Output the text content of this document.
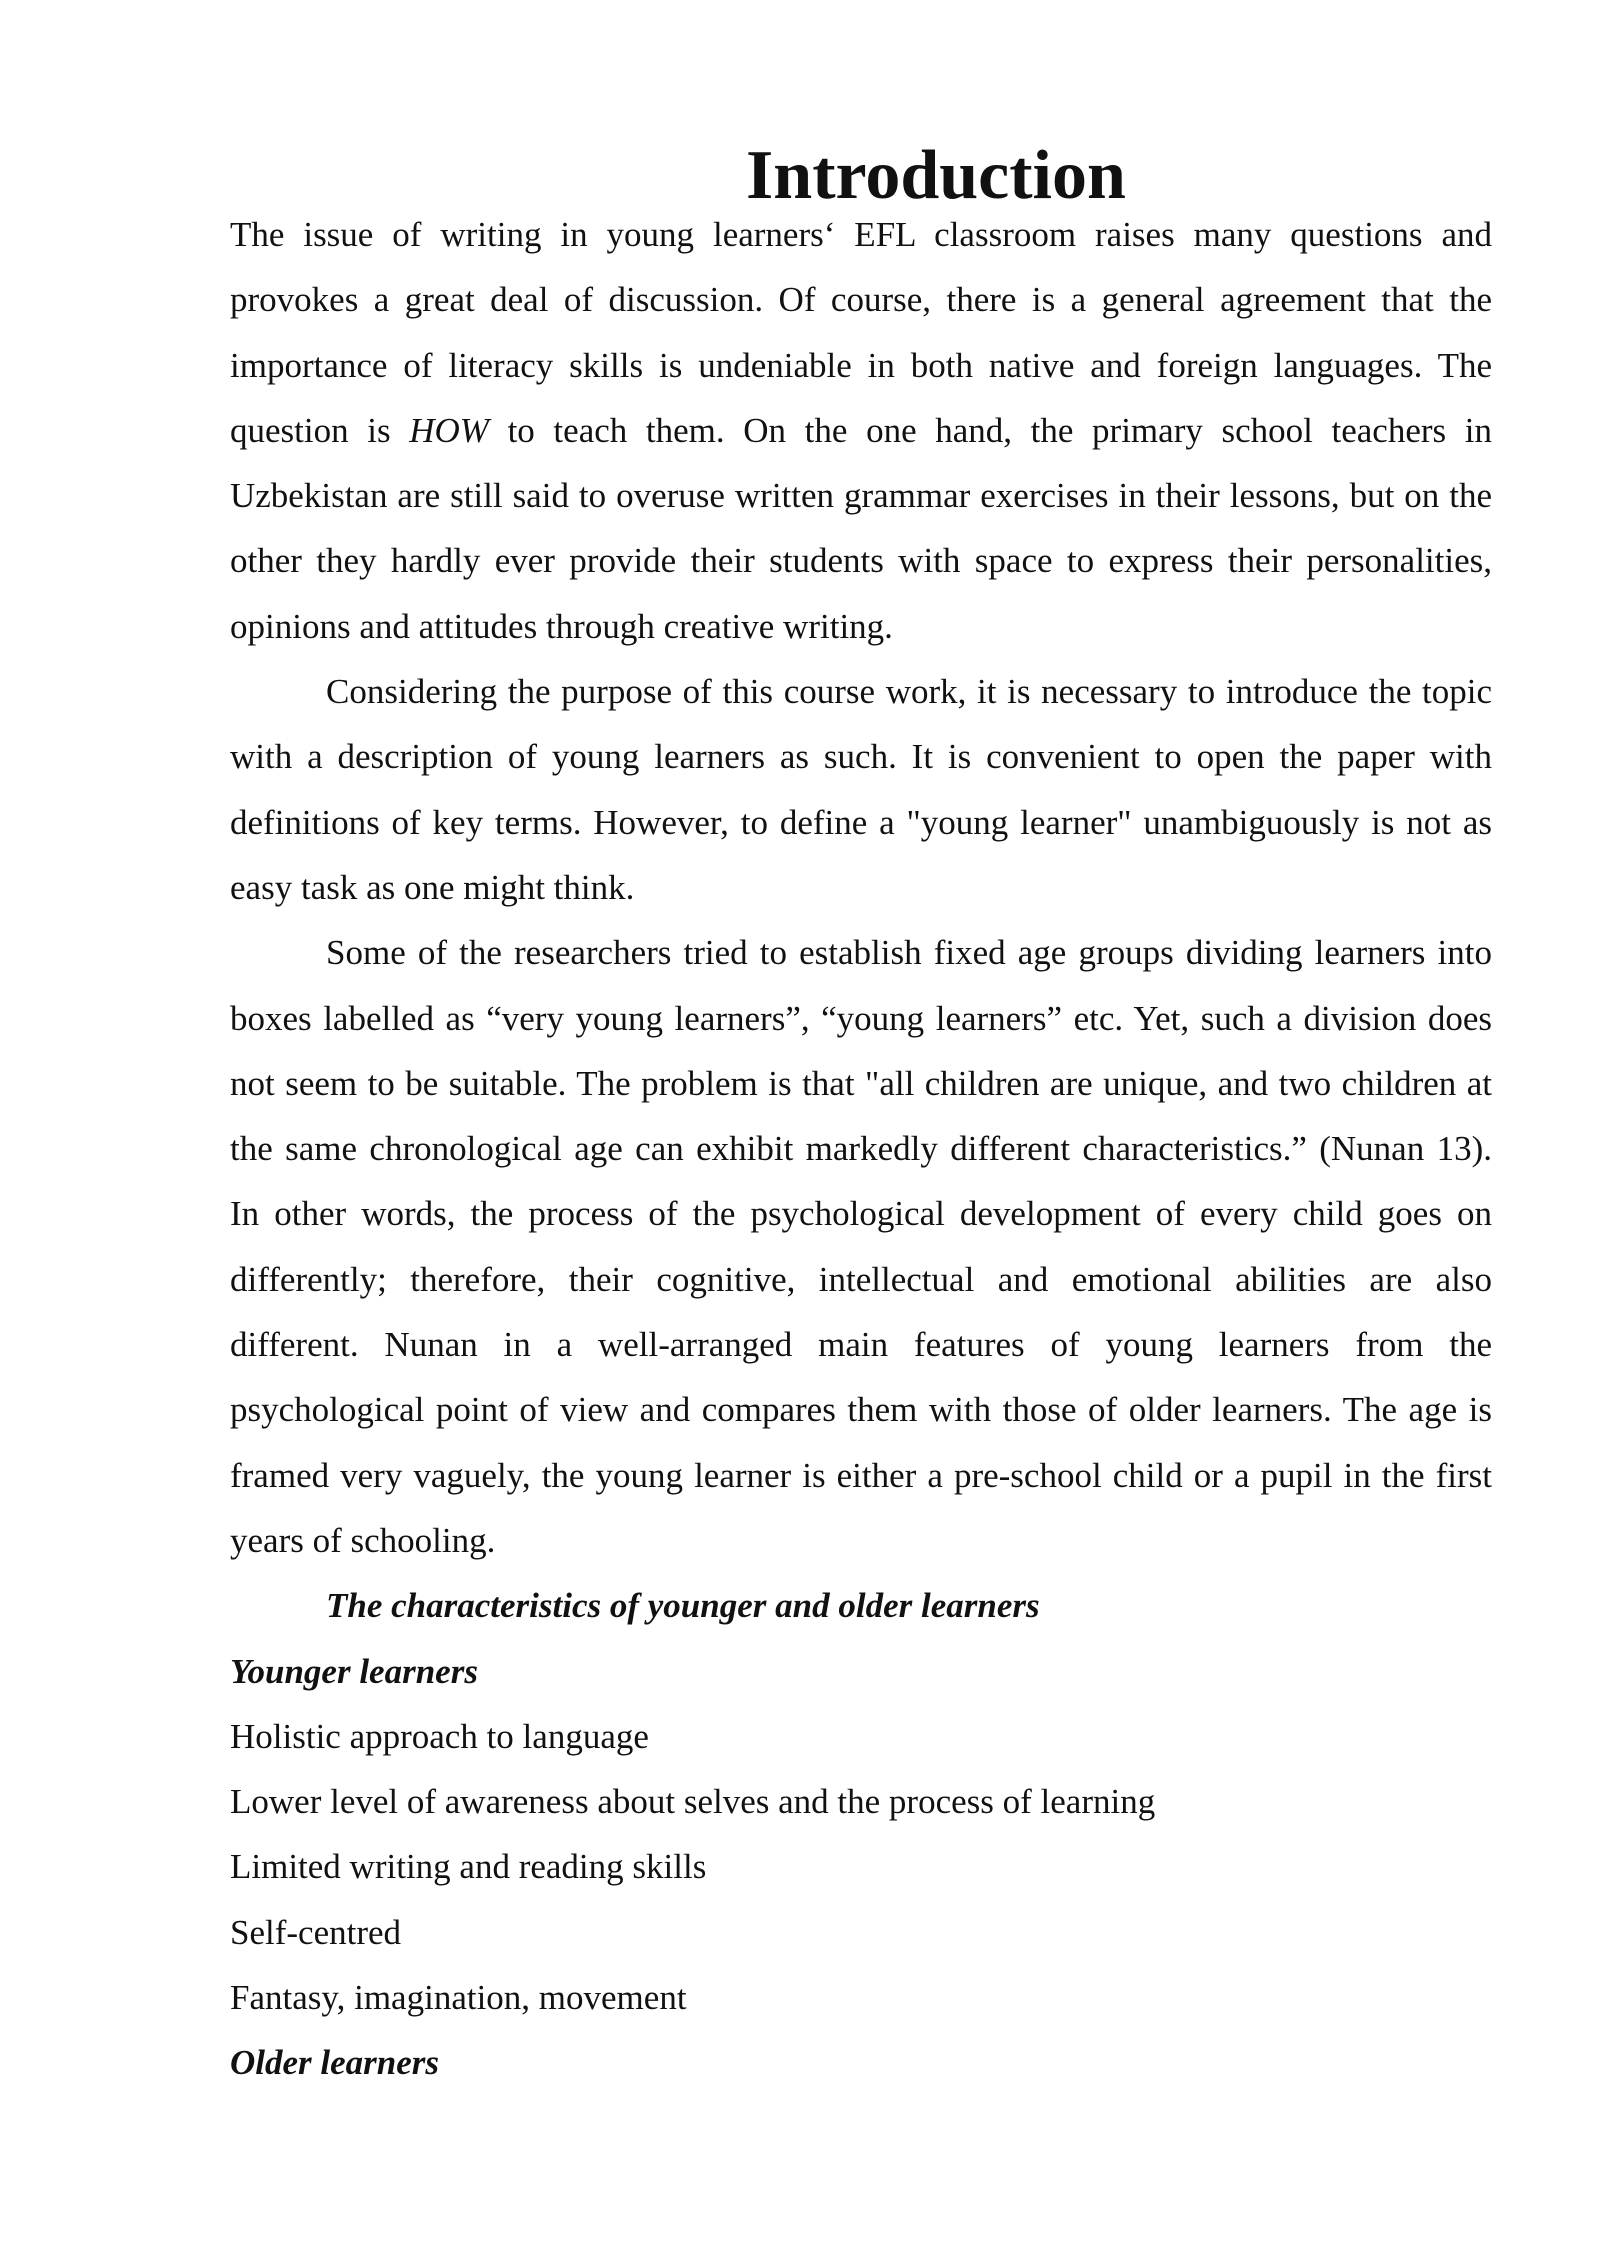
Introduction

The issue of writing in young learners‘ EFL classroom raises many questions and provokes a great deal of discussion. Of course, there is a general agreement that the importance of literacy skills is undeniable in both native and foreign languages. The question is HOW to teach them. On the one hand, the primary school teachers in Uzbekistan are still said to overuse written grammar exercises in their lessons, but on the other they hardly ever provide their students with space to express their personalities, opinions and attitudes through creative writing.

Considering the purpose of this course work, it is necessary to introduce the topic with a description of young learners as such. It is convenient to open the paper with definitions of key terms. However, to define a "young learner" unambiguously is not as easy task as one might think.

Some of the researchers tried to establish fixed age groups dividing learners into boxes labelled as “very young learners”, “young learners” etc. Yet, such a division does not seem to be suitable. The problem is that "all children are unique, and two children at the same chronological age can exhibit markedly different characteristics.” (Nunan 13). In other words, the process of the psychological development of every child goes on differently; therefore, their cognitive, intellectual and emotional abilities are also different. Nunan in a well-arranged main features of young learners from the psychological point of view and compares them with those of older learners. The age is framed very vaguely, the young learner is either a pre-school child or a pupil in the first years of schooling.

The characteristics of younger and older learners

Younger learners

Holistic approach to language
Lower level of awareness about selves and the process of learning
Limited writing and reading skills
Self-centred
Fantasy, imagination, movement

Older learners
